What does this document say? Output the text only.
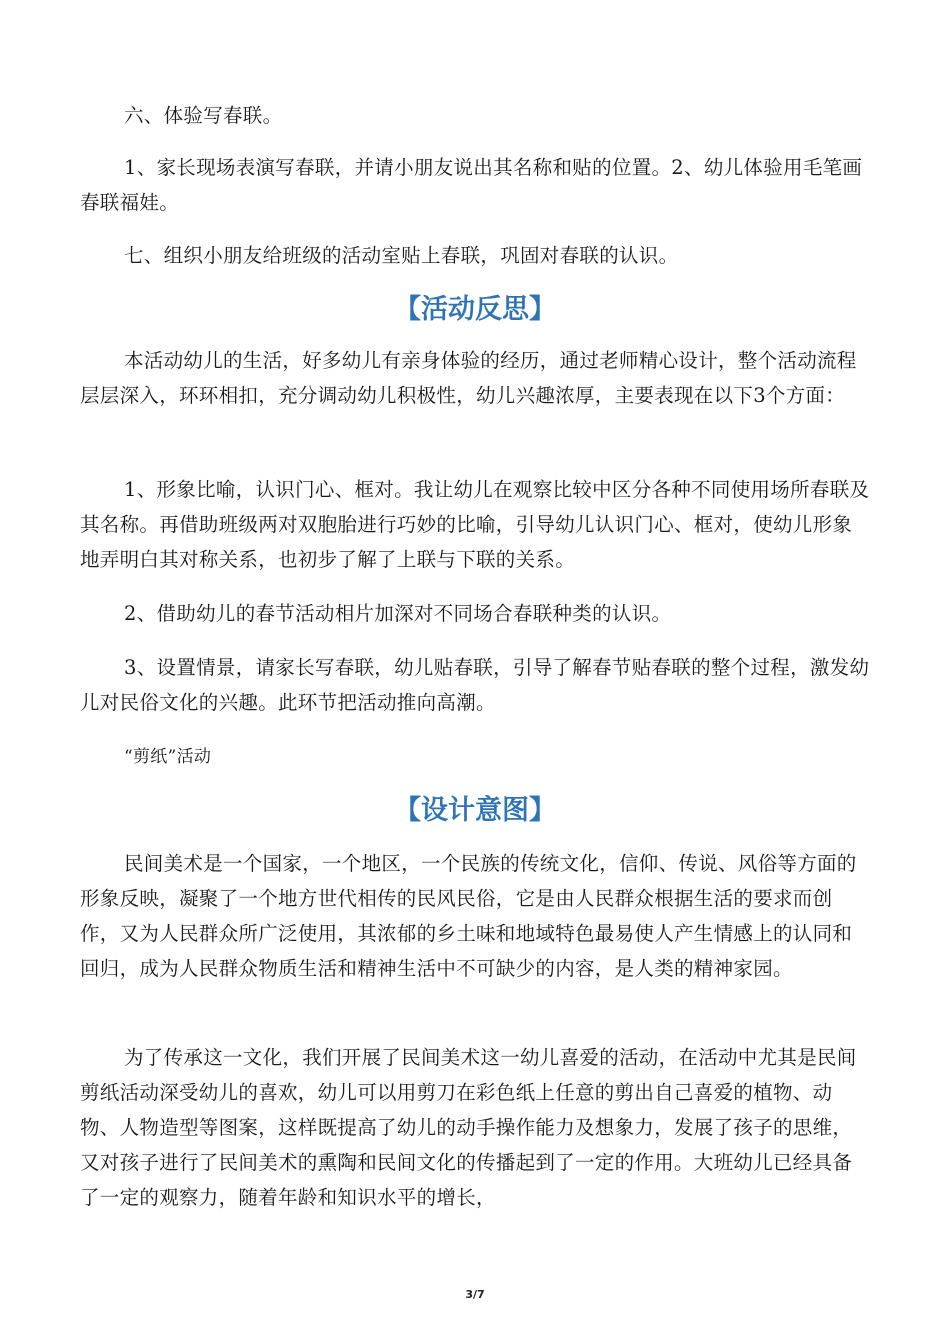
六、体验写春联。

1、家长现场表演写春联，并请小朋友说出其名称和贴的位置。2、幼儿体验用毛笔画春联福娃。

七、组织小朋友给班级的活动室贴上春联，巩固对春联的认识。

【活动反思】

本活动幼儿的生活，好多幼儿有亲身体验的经历，通过老师精心设计，整个活动流程层层深入，环环相扣，充分调动幼儿积极性，幼儿兴趣浓厚，主要表现在以下3个方面：

1、形象比喻，认识门心、框对。我让幼儿在观察比较中区分各种不同使用场所春联及其名称。再借助班级两对双胞胎进行巧妙的比喻，引导幼儿认识门心、框对，使幼儿形象地弄明白其对称关系，也初步了解了上联与下联的关系。

2、借助幼儿的春节活动相片加深对不同场合春联种类的认识。

3、设置情景，请家长写春联，幼儿贴春联，引导了解春节贴春联的整个过程，激发幼儿对民俗文化的兴趣。此环节把活动推向高潮。

“剪纸”活动

【设计意图】

民间美术是一个国家，一个地区，一个民族的传统文化，信仰、传说、风俗等方面的形象反映，凝聚了一个地方世代相传的民风民俗，它是由人民群众根据生活的要求而创作，又为人民群众所广泛使用，其浓郁的乡土味和地域特色最易使人产生情感上的认同和回归，成为人民群众物质生活和精神生活中不可缺少的内容，是人类的精神家园。

为了传承这一文化，我们开展了民间美术这一幼儿喜爱的活动，在活动中尤其是民间剪纸活动深受幼儿的喜欢，幼儿可以用剪刀在彩色纸上任意的剪出自己喜爱的植物、动物、人物造型等图案，这样既提高了幼儿的动手操作能力及想象力，发展了孩子的思维，又对孩子进行了民间美术的熏陶和民间文化的传播起到了一定的作用。大班幼儿已经具备了一定的观察力，随着年龄和知识水平的增长，

3/7
